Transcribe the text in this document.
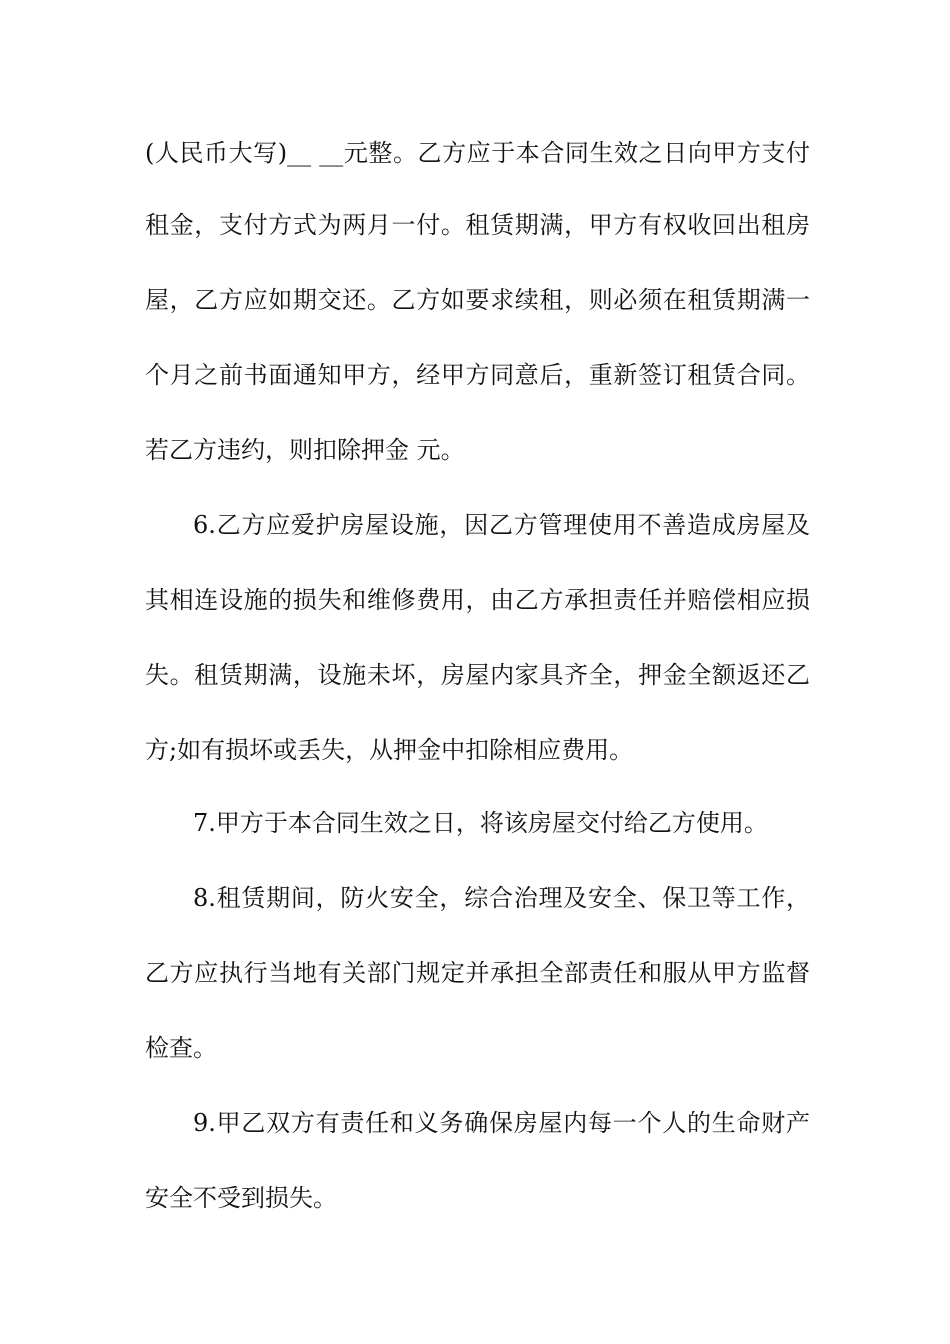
(人民币大写)__ __元整。乙方应于本合同生效之日向甲方支付
租金，支付方式为两月一付。租赁期满，甲方有权收回出租房
屋，乙方应如期交还。乙方如要求续租，则必须在租赁期满一
个月之前书面通知甲方，经甲方同意后，重新签订租赁合同。
若乙方违约，则扣除押金 元。
6.乙方应爱护房屋设施，因乙方管理使用不善造成房屋及
其相连设施的损失和维修费用，由乙方承担责任并赔偿相应损
失。租赁期满，设施未坏，房屋内家具齐全，押金全额返还乙
方;如有损坏或丢失，从押金中扣除相应费用。
7.甲方于本合同生效之日，将该房屋交付给乙方使用。
8.租赁期间，防火安全，综合治理及安全、保卫等工作，
乙方应执行当地有关部门规定并承担全部责任和服从甲方监督
检查。
9.甲乙双方有责任和义务确保房屋内每一个人的生命财产
安全不受到损失。
